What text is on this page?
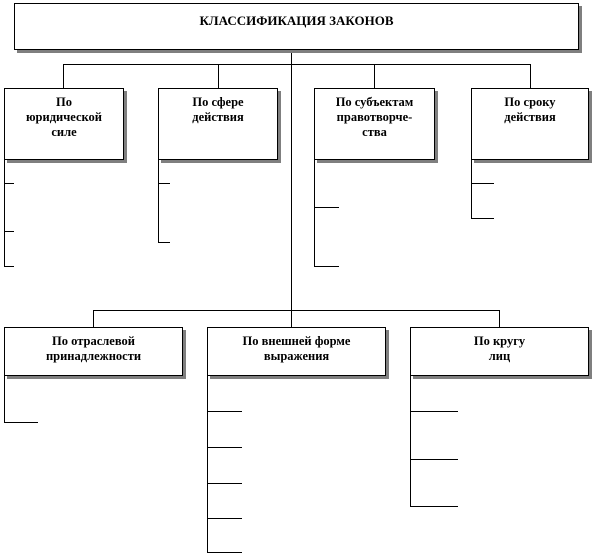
КЛАССИФИКАЦИЯ ЗАКОНОВ
По
юридической
силе
По сфере
действия
По субъектам
правотворче-
ства
По сроку
действия
По отраслевой
принадлежности
По внешней форме
выражения
По кругу
лиц
